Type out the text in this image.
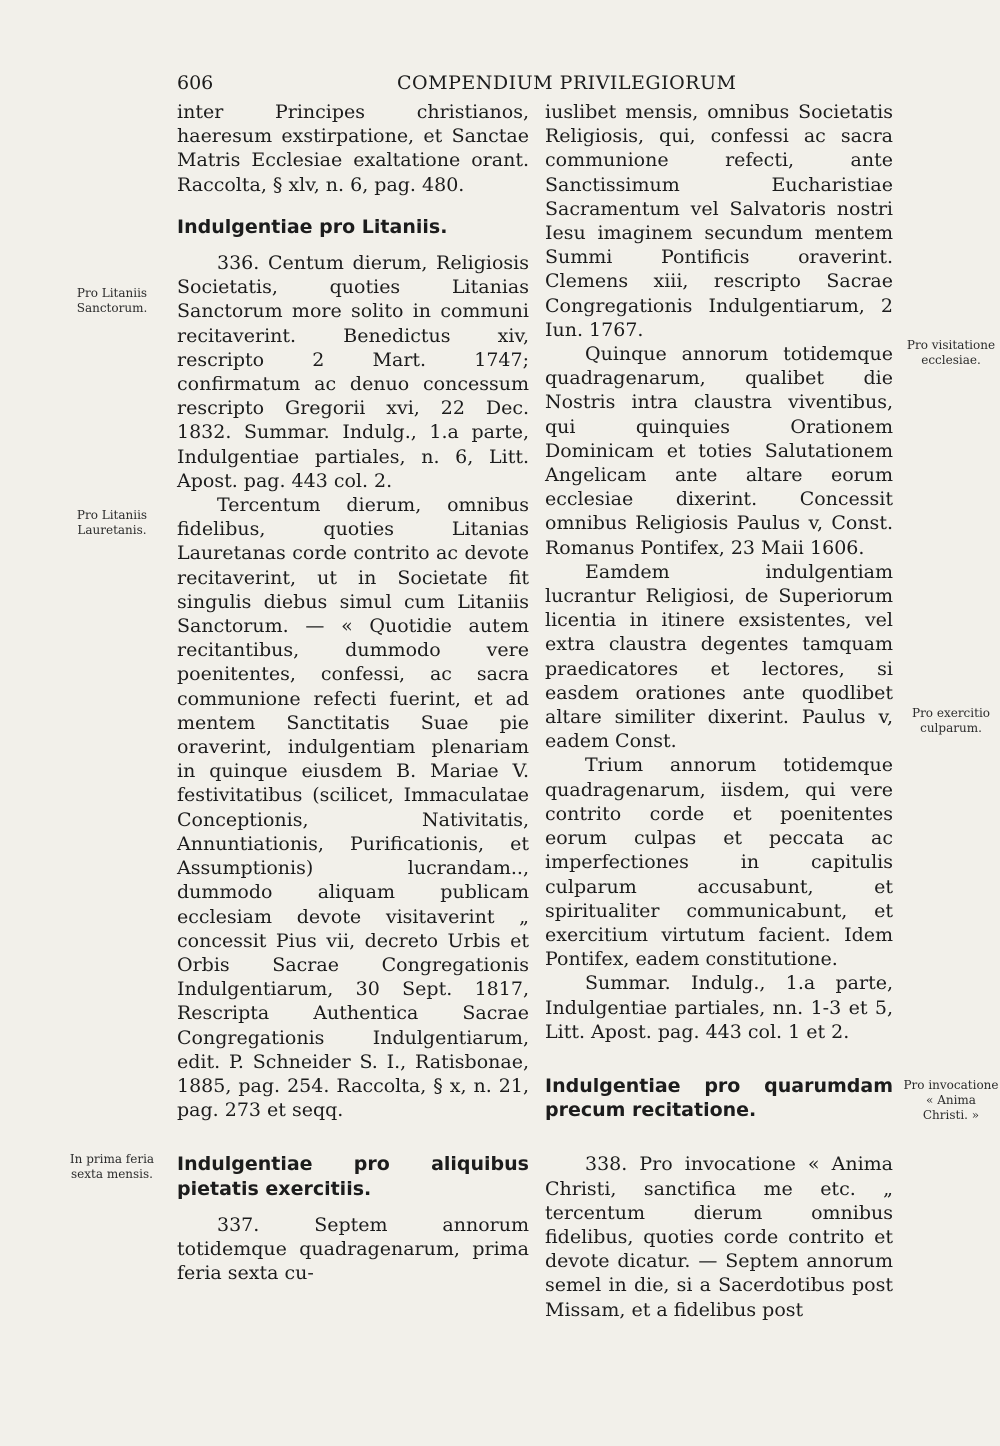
606	COMPENDIUM PRIVILEGIORUM
Pro Litaniis Sanctorum.
Pro Litaniis Lauretanis.
In prima feria sexta mensis.
Pro visitatione ecclesiae.
Pro exercitio culparum.
Pro invocatione « Anima Christi. »

inter Principes christianos, haeresum exstirpatione, et Sanctae Matris Ecclesiae exaltatione orant. Raccolta, § xlv, n. 6, pag. 480.

Indulgentiae pro Litaniis.

336. Centum dierum, Religiosis Societatis, quoties Litanias Sanctorum more solito in communi recitaverint. Benedictus xiv, rescripto 2 Mart. 1747; confirmatum ac denuo concessum rescripto Gregorii xvi, 22 Dec. 1832. Summar. Indulg., 1.a parte, Indulgentiae partiales, n. 6, Litt. Apost. pag. 443 col. 2.

Tercentum dierum, omnibus fidelibus, quoties Litanias Lauretanas corde contrito ac devote recitaverint, ut in Societate fit singulis diebus simul cum Litaniis Sanctorum. — « Quotidie autem recitantibus, dummodo vere poenitentes, confessi, ac sacra communione refecti fuerint, et ad mentem Sanctitatis Suae pie oraverint, indulgentiam plenariam in quinque eiusdem B. Mariae V. festivitatibus (scilicet, Immaculatae Conceptionis, Nativitatis, Annuntiationis, Purificationis, et Assumptionis) lucrandam.., dummodo aliquam publicam ecclesiam devote visitaverint „ concessit Pius vii, decreto Urbis et Orbis Sacrae Congregationis Indulgentiarum, 30 Sept. 1817, Rescripta Authentica Sacrae Congregationis Indulgentiarum, edit. P. Schneider S. I., Ratisbonae, 1885, pag. 254. Raccolta, § x, n. 21, pag. 273 et seqq.

Indulgentiae pro aliquibus pietatis exercitiis.

337. Septem annorum totidemque quadragenarum, prima feria sexta cu-

iuslibet mensis, omnibus Societatis Religiosis, qui, confessi ac sacra communione refecti, ante Sanctissimum Eucharistiae Sacramentum vel Salvatoris nostri Iesu imaginem secundum mentem Summi Pontificis oraverint. Clemens xiii, rescripto Sacrae Congregationis Indulgentiarum, 2 Iun. 1767.

Quinque annorum totidemque quadragenarum, qualibet die Nostris intra claustra viventibus, qui quinquies Orationem Dominicam et toties Salutationem Angelicam ante altare eorum ecclesiae dixerint. Concessit omnibus Religiosis Paulus v, Const. Romanus Pontifex, 23 Maii 1606.

Eamdem indulgentiam lucrantur Religiosi, de Superiorum licentia in itinere exsistentes, vel extra claustra degentes tamquam praedicatores et lectores, si easdem orationes ante quodlibet altare similiter dixerint. Paulus v, eadem Const.

Trium annorum totidemque quadragenarum, iisdem, qui vere contrito corde et poenitentes eorum culpas et peccata ac imperfectiones in capitulis culparum accusabunt, et spiritualiter communicabunt, et exercitium virtutum facient. Idem Pontifex, eadem constitutione.

Summar. Indulg., 1.a parte, Indulgentiae partiales, nn. 1-3 et 5, Litt. Apost. pag. 443 col. 1 et 2.

Indulgentiae pro quarumdam precum recitatione.

338. Pro invocatione « Anima Christi, sanctifica me etc. „ tercentum dierum omnibus fidelibus, quoties corde contrito et devote dicatur. — Septem annorum semel in die, si a Sacerdotibus post Missam, et a fidelibus post
